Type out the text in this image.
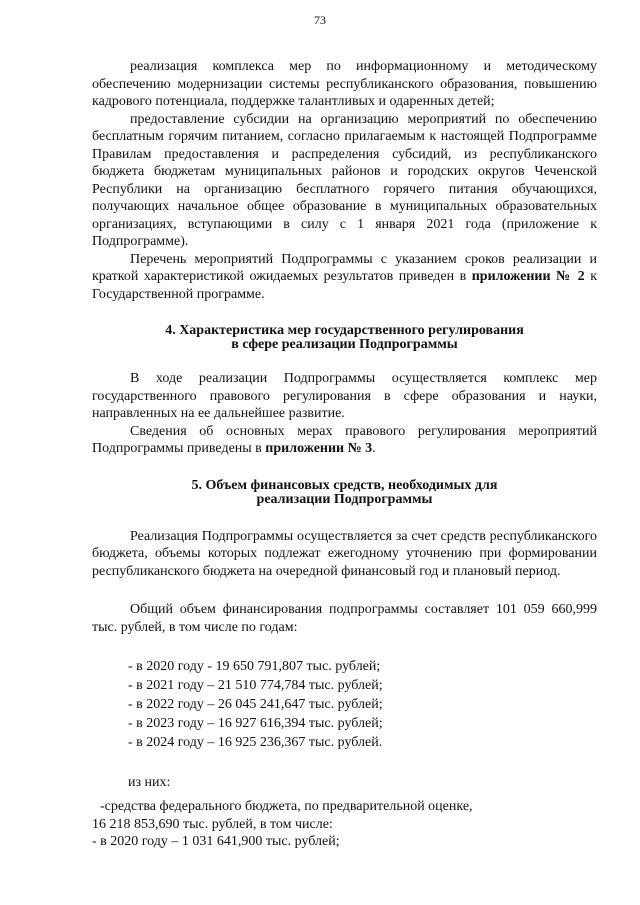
73

реализация комплекса мер по информационному и методическому обеспечению модернизации системы республиканского образования, повышению кадрового потенциала, поддержке талантливых и одаренных детей;

предоставление субсидии на организацию мероприятий по обеспечению бесплатным горячим питанием, согласно прилагаемым к настоящей Подпрограмме Правилам предоставления и распределения субсидий, из республиканского бюджета бюджетам муниципальных районов и городских округов Чеченской Республики на организацию бесплатного горячего питания обучающихся, получающих начальное общее образование в муниципальных образовательных организациях, вступающими в силу с 1 января 2021 года (приложение к Подпрограмме).

Перечень мероприятий Подпрограммы с указанием сроков реализации и краткой характеристикой ожидаемых результатов приведен в приложении № 2 к Государственной программе.

4. Характеристика мер государственного регулирования
в сфере реализации Подпрограммы

В ходе реализации Подпрограммы осуществляется комплекс мер государственного правового регулирования в сфере образования и науки, направленных на ее дальнейшее развитие.

Сведения об основных мерах правового регулирования мероприятий Подпрограммы приведены в приложении № 3.

5. Объем финансовых средств, необходимых для
реализации Подпрограммы

Реализация Подпрограммы осуществляется за счет средств республиканского бюджета, объемы которых подлежат ежегодному уточнению при формировании республиканского бюджета на очередной финансовый год и плановый период.

Общий объем финансирования подпрограммы составляет 101 059 660,999 тыс. рублей, в том числе по годам:

- в 2020 году - 19 650 791,807 тыс. рублей;
- в 2021 году – 21 510 774,784 тыс. рублей;
- в 2022 году – 26 045 241,647 тыс. рублей;
- в 2023 году – 16 927 616,394 тыс. рублей;
- в 2024 году – 16 925 236,367 тыс. рублей.
из них:
-средства федерального бюджета, по предварительной оценке,
16 218 853,690 тыс. рублей, в том числе:
- в 2020 году – 1 031 641,900 тыс. рублей;
